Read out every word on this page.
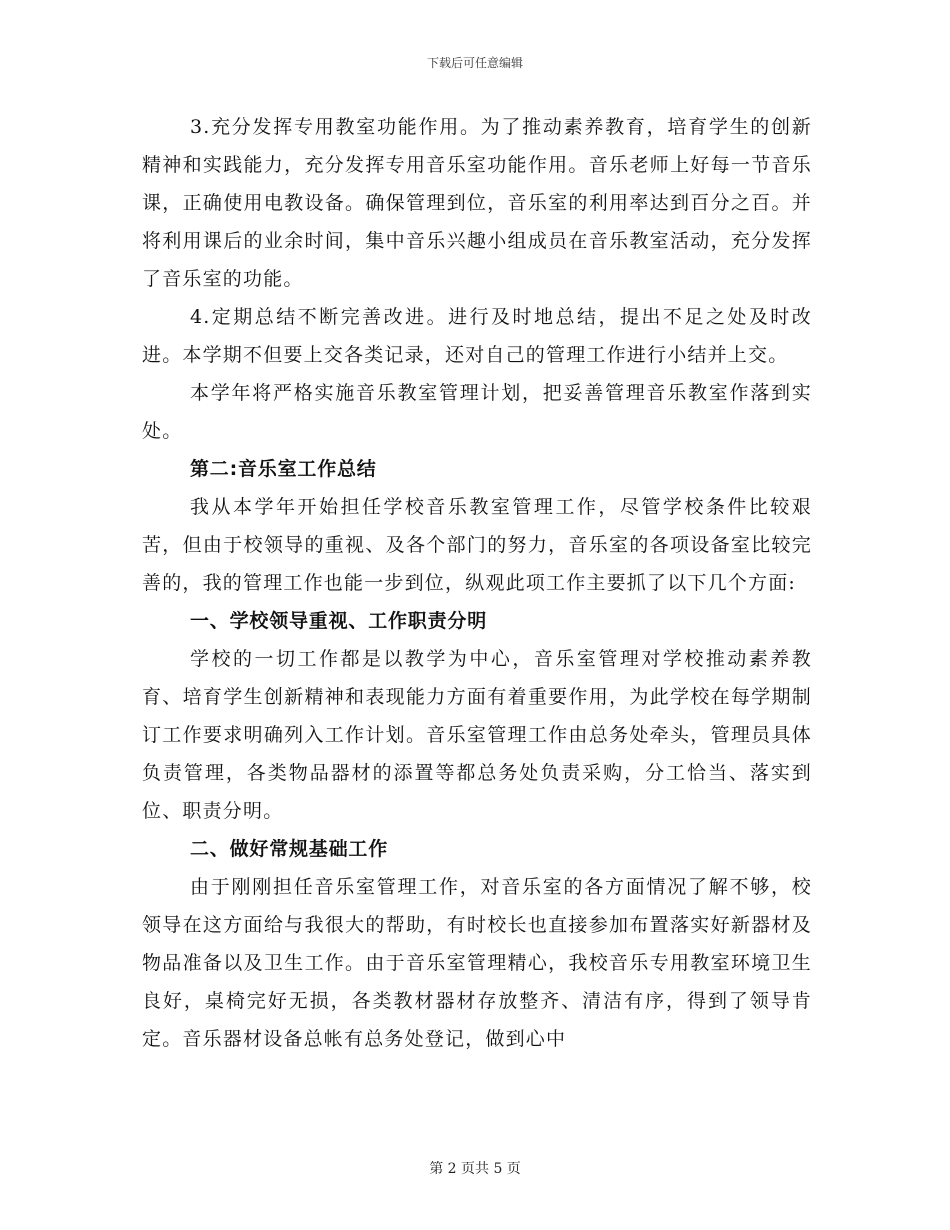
下载后可任意编辑

3.充分发挥专用教室功能作用。为了推动素养教育，培育学生的创新精神和实践能力，充分发挥专用音乐室功能作用。音乐老师上好每一节音乐课，正确使用电教设备。确保管理到位，音乐室的利用率达到百分之百。并将利用课后的业余时间，集中音乐兴趣小组成员在音乐教室活动，充分发挥了音乐室的功能。

4.定期总结不断完善改进。进行及时地总结，提出不足之处及时改进。本学期不但要上交各类记录，还对自己的管理工作进行小结并上交。

本学年将严格实施音乐教室管理计划，把妥善管理音乐教室作落到实处。

第二:音乐室工作总结

我从本学年开始担任学校音乐教室管理工作，尽管学校条件比较艰苦，但由于校领导的重视、及各个部门的努力，音乐室的各项设备室比较完善的，我的管理工作也能一步到位，纵观此项工作主要抓了以下几个方面:

一、学校领导重视、工作职责分明

学校的一切工作都是以教学为中心，音乐室管理对学校推动素养教育、培育学生创新精神和表现能力方面有着重要作用，为此学校在每学期制订工作要求明确列入工作计划。音乐室管理工作由总务处牵头，管理员具体负责管理，各类物品器材的添置等都总务处负责采购，分工恰当、落实到位、职责分明。

二、做好常规基础工作

由于刚刚担任音乐室管理工作，对音乐室的各方面情况了解不够，校领导在这方面给与我很大的帮助，有时校长也直接参加布置落实好新器材及物品准备以及卫生工作。由于音乐室管理精心，我校音乐专用教室环境卫生良好，桌椅完好无损，各类教材器材存放整齐、清洁有序，得到了领导肯定。音乐器材设备总帐有总务处登记，做到心中

第 2 页共 5 页
